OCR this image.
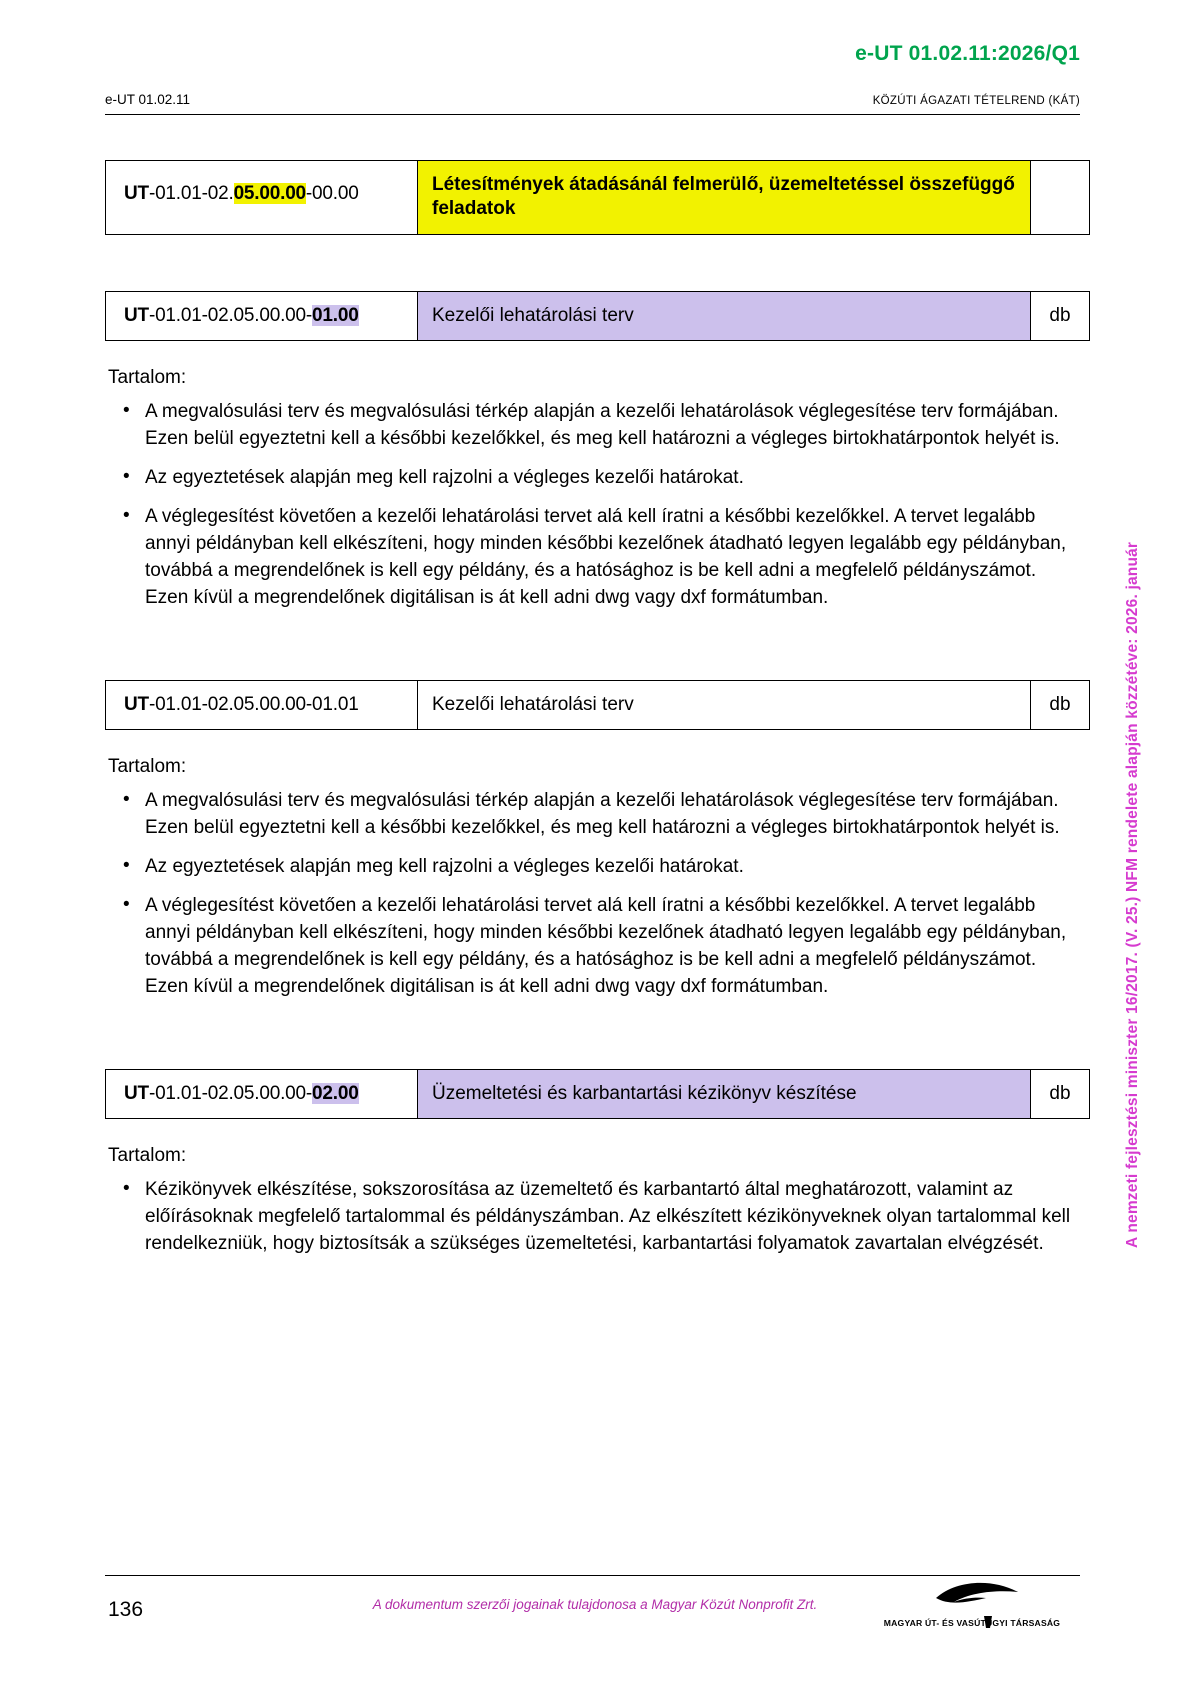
e-UT 01.02.11:2026/Q1
e-UT 01.02.11	KÖZÚTI ÁGAZATI TÉTELREND (KÁT)
A nemzeti fejlesztési miniszter 16/2017. (V. 25.) NFM rendelete alapján közzétéve: 2026. január
UT-01.01-02.05.00.00-00.00	Létesítmények átadásánál felmerülő, üzemeltetéssel összefüggő feladatok
UT-01.01-02.05.00.00-01.00	Kezelői lehatárolási terv	db
Tartalom:
• A megvalósulási terv és megvalósulási térkép alapján a kezelői lehatárolások véglegesítése terv formájában. Ezen belül egyeztetni kell a későbbi kezelőkkel, és meg kell határozni a végleges birtokhatárpontok helyét is.
• Az egyeztetések alapján meg kell rajzolni a végleges kezelői határokat.
• A véglegesítést követően a kezelői lehatárolási tervet alá kell íratni a későbbi kezelőkkel. A tervet legalább annyi példányban kell elkészíteni, hogy minden későbbi kezelőnek átadható legyen legalább egy példányban, továbbá a megrendelőnek is kell egy példány, és a hatósághoz is be kell adni a megfelelő példányszámot. Ezen kívül a megrendelőnek digitálisan is át kell adni dwg vagy dxf formátumban.
UT-01.01-02.05.00.00-01.01	Kezelői lehatárolási terv	db
Tartalom:
• A megvalósulási terv és megvalósulási térkép alapján a kezelői lehatárolások véglegesítése terv formájában. Ezen belül egyeztetni kell a későbbi kezelőkkel, és meg kell határozni a végleges birtokhatárpontok helyét is.
• Az egyeztetések alapján meg kell rajzolni a végleges kezelői határokat.
• A véglegesítést követően a kezelői lehatárolási tervet alá kell íratni a későbbi kezelőkkel. A tervet legalább annyi példányban kell elkészíteni, hogy minden későbbi kezelőnek átadható legyen legalább egy példányban, továbbá a megrendelőnek is kell egy példány, és a hatósághoz is be kell adni a megfelelő példányszámot. Ezen kívül a megrendelőnek digitálisan is át kell adni dwg vagy dxf formátumban.
UT-01.01-02.05.00.00-02.00	Üzemeltetési és karbantartási kézikönyv készítése	db
Tartalom:
• Kézikönyvek elkészítése, sokszorosítása az üzemeltető és karbantartó által meghatározott, valamint az előírásoknak megfelelő tartalommal és példányszámban. Az elkészített kézikönyveknek olyan tartalommal kell rendelkezniük, hogy biztosítsák a szükséges üzemeltetési, karbantartási folyamatok zavartalan elvégzését.
136	A dokumentum szerzői jogainak tulajdonosa a Magyar Közút Nonprofit Zrt.
MAGYAR ÚT- ÉS VASÚTÜGYI TÁRSASÁG
